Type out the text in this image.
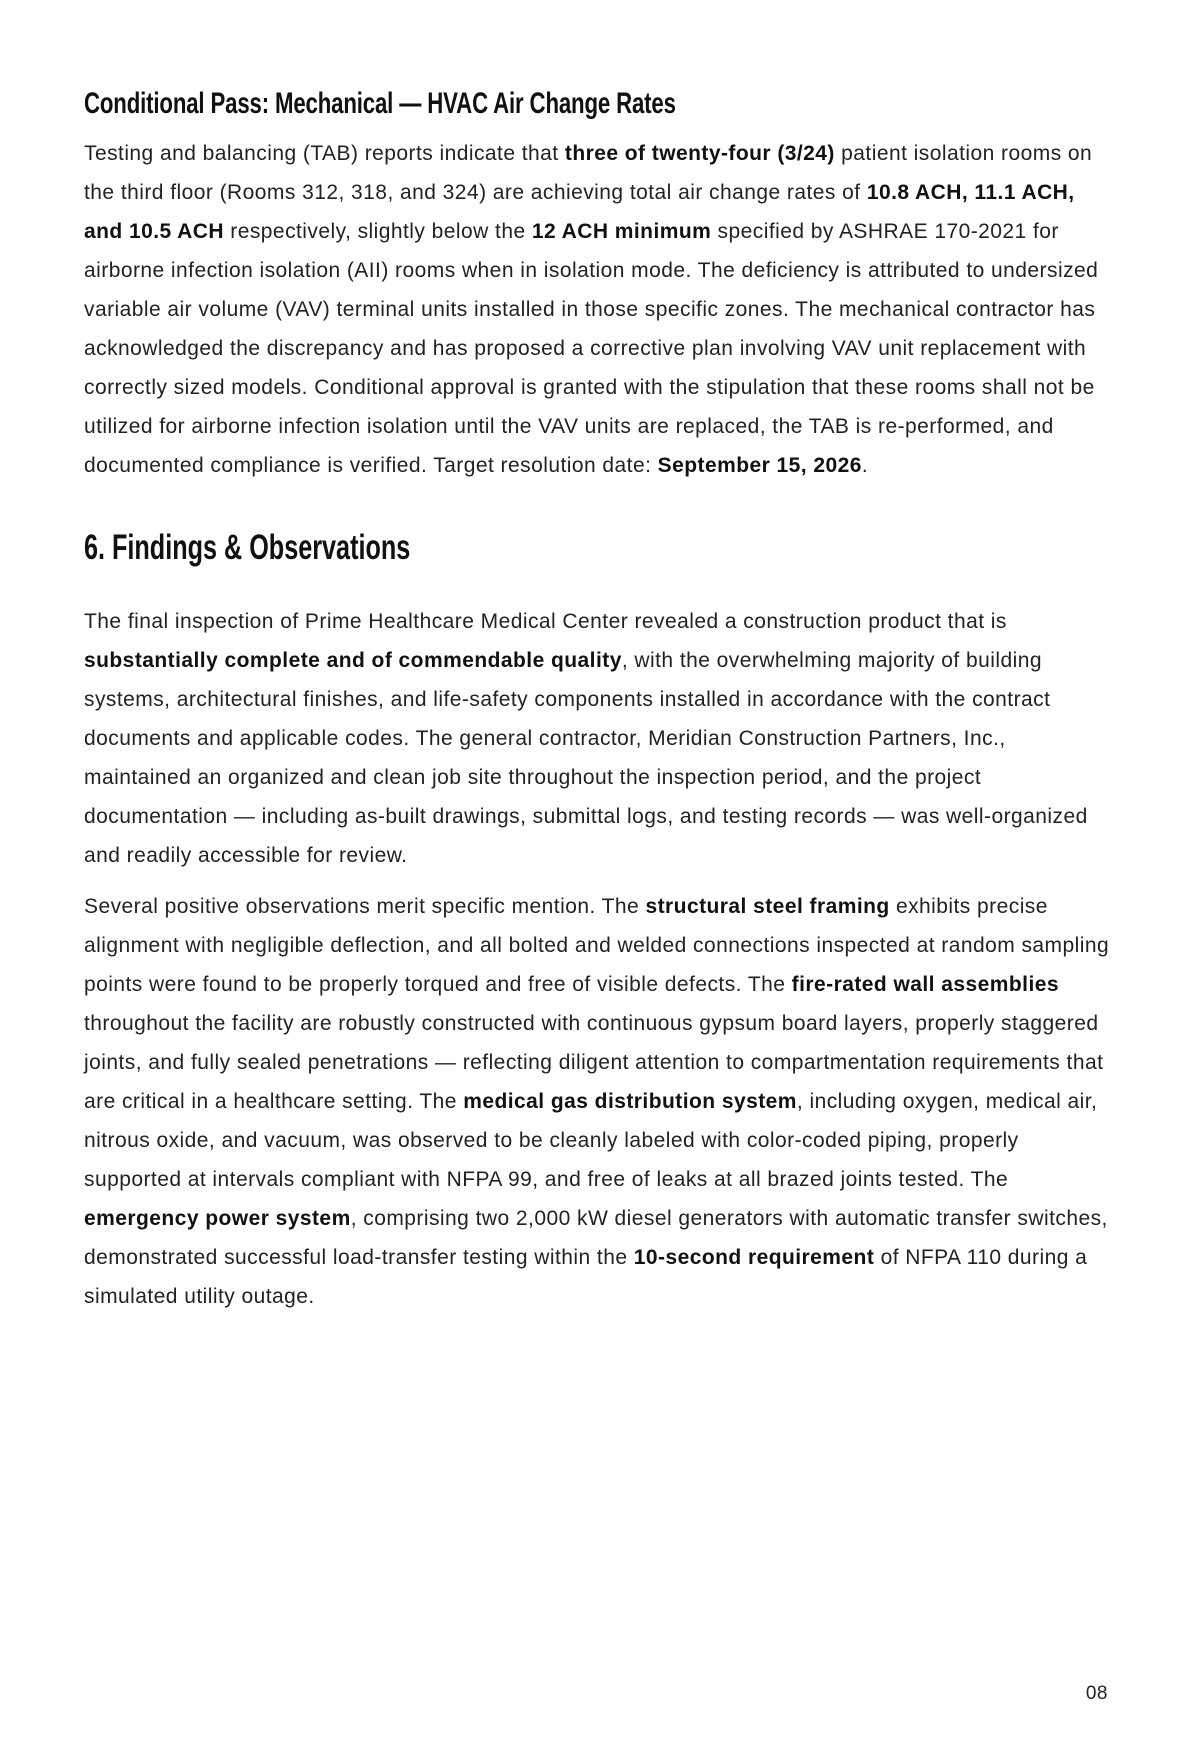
Conditional Pass: Mechanical — HVAC Air Change Rates

Testing and balancing (TAB) reports indicate that three of twenty-four (3/24) patient isolation rooms on the third floor (Rooms 312, 318, and 324) are achieving total air change rates of 10.8 ACH, 11.1 ACH, and 10.5 ACH respectively, slightly below the 12 ACH minimum specified by ASHRAE 170-2021 for airborne infection isolation (AII) rooms when in isolation mode. The deficiency is attributed to undersized variable air volume (VAV) terminal units installed in those specific zones. The mechanical contractor has acknowledged the discrepancy and has proposed a corrective plan involving VAV unit replacement with correctly sized models. Conditional approval is granted with the stipulation that these rooms shall not be utilized for airborne infection isolation until the VAV units are replaced, the TAB is re-performed, and documented compliance is verified. Target resolution date: September 15, 2026.

6. Findings & Observations

The final inspection of Prime Healthcare Medical Center revealed a construction product that is substantially complete and of commendable quality, with the overwhelming majority of building systems, architectural finishes, and life-safety components installed in accordance with the contract documents and applicable codes. The general contractor, Meridian Construction Partners, Inc., maintained an organized and clean job site throughout the inspection period, and the project documentation — including as-built drawings, submittal logs, and testing records — was well-organized and readily accessible for review.

Several positive observations merit specific mention. The structural steel framing exhibits precise alignment with negligible deflection, and all bolted and welded connections inspected at random sampling points were found to be properly torqued and free of visible defects. The fire-rated wall assemblies throughout the facility are robustly constructed with continuous gypsum board layers, properly staggered joints, and fully sealed penetrations — reflecting diligent attention to compartmentation requirements that are critical in a healthcare setting. The medical gas distribution system, including oxygen, medical air, nitrous oxide, and vacuum, was observed to be cleanly labeled with color-coded piping, properly supported at intervals compliant with NFPA 99, and free of leaks at all brazed joints tested. The emergency power system, comprising two 2,000 kW diesel generators with automatic transfer switches, demonstrated successful load-transfer testing within the 10-second requirement of NFPA 110 during a simulated utility outage.

08
